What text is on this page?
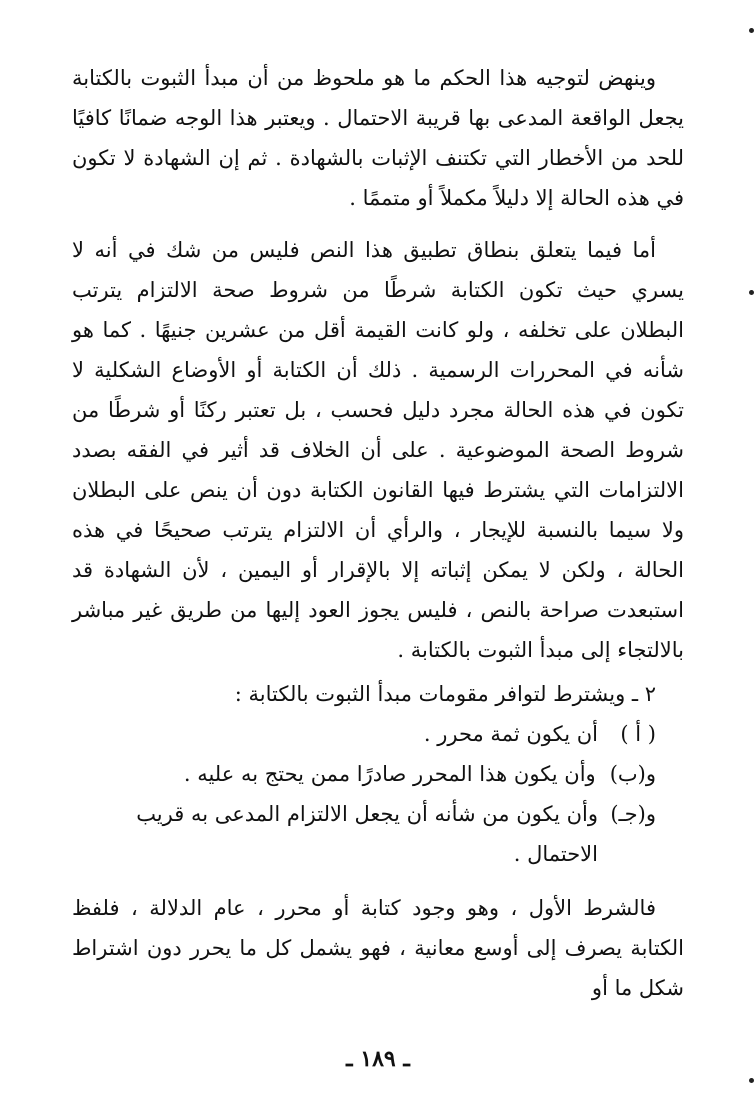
وينهض لتوجيه هذا الحكم ما هو ملحوظ من أن مبدأ الثبوت بالكتابة يجعل الواقعة المدعى بها قريبة الاحتمال . ويعتبر هذا الوجه ضمانًا كافيًا للحد من الأخطار التي تكتنف الإثبات بالشهادة . ثم إن الشهادة لا تكون في هذه الحالة إلا دليلاً مكملاً أو متممًا .

أما فيما يتعلق بنطاق تطبيق هذا النص فليس من شك في أنه لا يسري حيث تكون الكتابة شرطًا من شروط صحة الالتزام يترتب البطلان على تخلفه ، ولو كانت القيمة أقل من عشرين جنيهًا . كما هو شأنه في المحررات الرسمية . ذلك أن الكتابة أو الأوضاع الشكلية لا تكون في هذه الحالة مجرد دليل فحسب ، بل تعتبر ركنًا أو شرطًا من شروط الصحة الموضوعية . على أن الخلاف قد أثير في الفقه بصدد الالتزامات التي يشترط فيها القانون الكتابة دون أن ينص على البطلان ولا سيما بالنسبة للإيجار ، والرأي أن الالتزام يترتب صحيحًا في هذه الحالة ، ولكن لا يمكن إثباته إلا بالإقرار أو اليمين ، لأن الشهادة قد استبعدت صراحة بالنص ، فليس يجوز العود إليها من طريق غير مباشر بالالتجاء إلى مبدأ الثبوت بالكتابة .

٢ ـ ويشترط لتوافر مقومات مبدأ الثبوت بالكتابة :

( أ )
أن يكون ثمة محرر .
و(ب)
وأن يكون هذا المحرر صادرًا ممن يحتج به عليه .
و(جـ)
وأن يكون من شأنه أن يجعل الالتزام المدعى به قريب الاحتمال .

فالشرط الأول ، وهو وجود كتابة أو محرر ، عام الدلالة ، فلفظ الكتابة يصرف إلى أوسع معانية ، فهو يشمل كل ما يحرر دون اشتراط شكل ما أو

ـ ١٨٩ ـ
